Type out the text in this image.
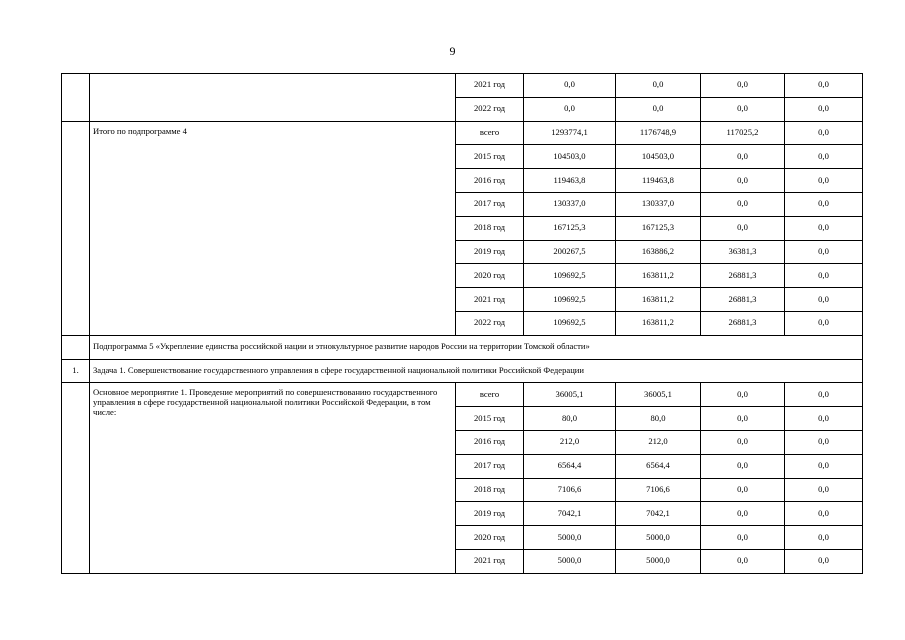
9
		2021 год	0,0	0,0	0,0	0,0
		2022 год	0,0	0,0	0,0	0,0
	Итого по подпрограмме 4	всего	1293774,1	1176748,9	117025,2	0,0
		2015 год	104503,0	104503,0	0,0	0,0
		2016 год	119463,8	119463,8	0,0	0,0
		2017 год	130337,0	130337,0	0,0	0,0
		2018 год	167125,3	167125,3	0,0	0,0
		2019 год	200267,5	163886,2	36381,3	0,0
		2020 год	109692,5	163811,2	26881,3	0,0
		2021 год	109692,5	163811,2	26881,3	0,0
		2022 год	109692,5	163811,2	26881,3	0,0
	Подпрограмма 5 «Укрепление единства российской нации и этнокультурное развитие народов России на территории Томской области»					
1.	Задача 1. Совершенствование государственного управления в сфере государственной национальной политики Российской Федерации					
	Основное мероприятие 1. Проведение мероприятий по совершенствованию государственного управления в сфере государственной национальной политики Российской Федерации, в том числе:	всего	36005,1	36005,1	0,0	0,0
		2015 год	80,0	80,0	0,0	0,0
		2016 год	212,0	212,0	0,0	0,0
		2017 год	6564,4	6564,4	0,0	0,0
		2018 год	7106,6	7106,6	0,0	0,0
		2019 год	7042,1	7042,1	0,0	0,0
		2020 год	5000,0	5000,0	0,0	0,0
		2021 год	5000,0	5000,0	0,0	0,0
